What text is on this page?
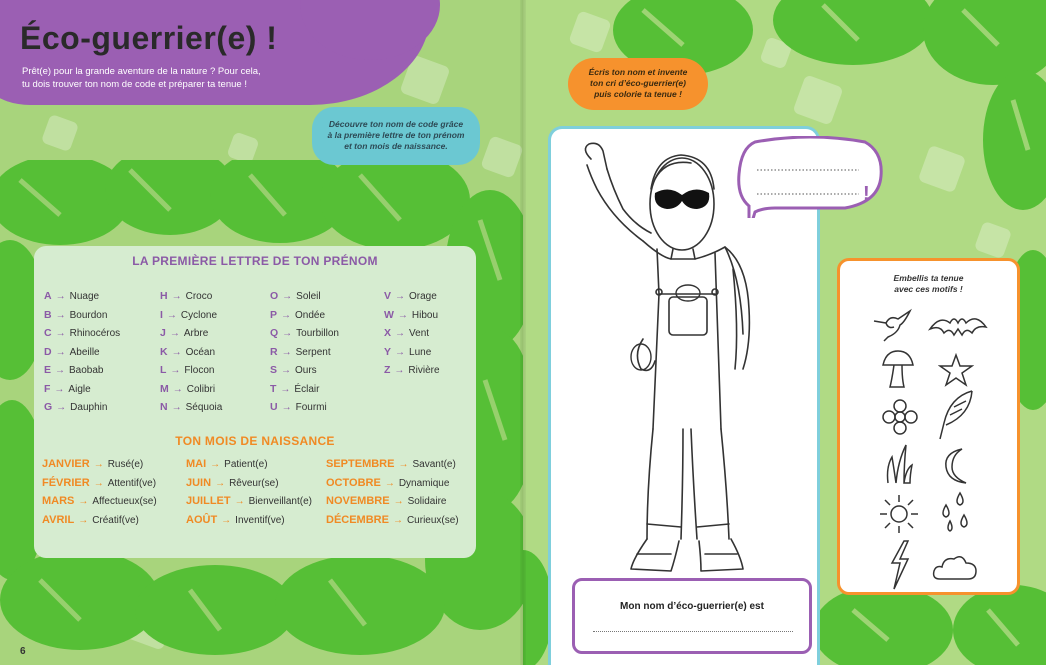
Éco-guerrier(e) !
Prêt(e) pour la grande aventure de la nature ? Pour cela,
tu dois trouver ton nom de code et préparer ta tenue !
Découvre ton nom de code grâce
à la première lettre de ton prénom
et ton mois de naissance.
LA PREMIÈRE LETTRE DE TON PRÉNOM
A → Nuage
B → Bourdon
C → Rhinocéros
D → Abeille
E → Baobab
F → Aigle
G → Dauphin
H → Croco
I → Cyclone
J → Arbre
K → Océan
L → Flocon
M → Colibri
N → Séquoia
O → Soleil
P → Ondée
Q → Tourbillon
R → Serpent
S → Ours
T → Éclair
U → Fourmi
V → Orage
W → Hibou
X → Vent
Y → Lune
Z → Rivière
TON MOIS DE NAISSANCE
JANVIER → Rusé(e)
FÉVRIER → Attentif(ve)
MARS → Affectueux(se)
AVRIL → Créatif(ve)
MAI → Patient(e)
JUIN → Rêveur(se)
JUILLET → Bienveillant(e)
AOÛT → Inventif(ve)
SEPTEMBRE → Savant(e)
OCTOBRE → Dynamique
NOVEMBRE → Solidaire
DÉCEMBRE → Curieux(se)
6
Écris ton nom et invente
ton cri d’éco-guerrier(e)
puis colorie ta tenue !
!
Mon nom d’éco-guerrier(e) est
Embellis ta tenue
avec ces motifs !
